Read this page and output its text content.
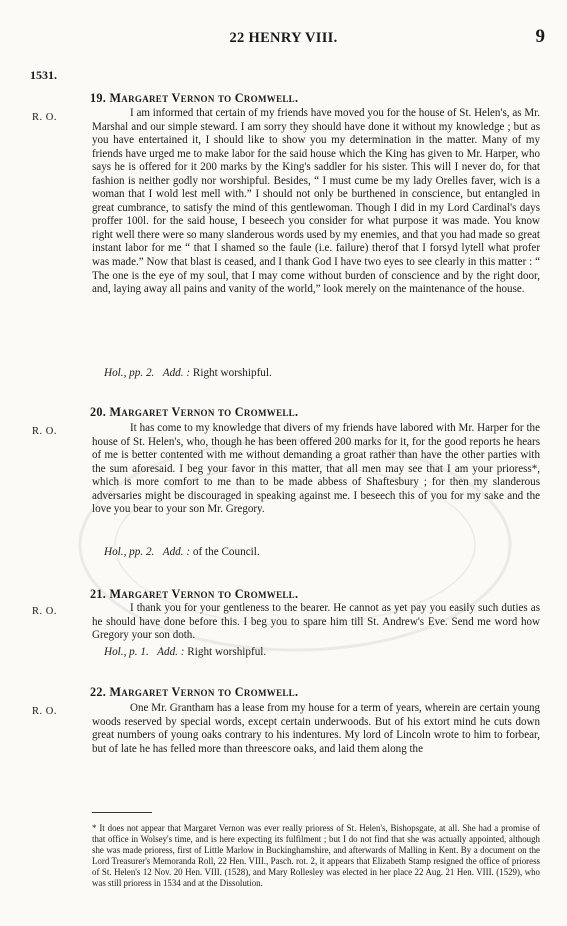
22 HENRY VIII.	9
1531.
R. O.
19. Margaret Vernon to Cromwell.
I am informed that certain of my friends have moved you for the house of St. Helen's, as Mr. Marshal and our simple steward. I am sorry they should have done it without my knowledge ; but as you have entertained it, I should like to show you my determination in the matter. Many of my friends have urged me to make labor for the said house which the King has given to Mr. Harper, who says he is offered for it 200 marks by the King's saddler for his sister. This will I never do, for that fashion is neither godly nor worshipful. Besides, “ I must cume be my lady Orelles faver, wich is a woman that I wold lest mell with.” I should not only be burthened in conscience, but entangled in great cumbrance, to satisfy the mind of this gentlewoman. Though I did in my Lord Cardinal's days proffer 100l. for the said house, I beseech you consider for what purpose it was made. You know right well there were so many slanderous words used by my enemies, and that you had made so great instant labor for me “ that I shamed so the faule (i.e. failure) therof that I forsyd lytell what profer was made.” Now that blast is ceased, and I thank God I have two eyes to see clearly in this matter : “ The one is the eye of my soul, that I may come without burden of conscience and by the right door, and, laying away all pains and vanity of the world,” look merely on the maintenance of the house.
Hol., pp. 2. Add. : Right worshipful.
20. Margaret Vernon to Cromwell.
R. O.	It has come to my knowledge that divers of my friends have labored with Mr. Harper for the house of St. Helen's, who, though he has been offered 200 marks for it, for the good reports he hears of me is better contented with me without demanding a groat rather than have the other parties with the sum aforesaid. I beg your favor in this matter, that all men may see that I am your prioress*, which is more comfort to me than to be made abbess of Shaftesbury ; for then my slanderous adversaries might be discouraged in speaking against me. I beseech this of you for my sake and the love you bear to your son Mr. Gregory.
Hol., pp. 2. Add. : of the Council.
21. Margaret Vernon to Cromwell.
R. O.	I thank you for your gentleness to the bearer. He cannot as yet pay you easily such duties as he should have done before this. I beg you to spare him till St. Andrew's Eve. Send me word how Gregory your son doth.
Hol., p. 1. Add. : Right worshipful.
22. Margaret Vernon to Cromwell.
R. O.	One Mr. Grantham has a lease from my house for a term of years, wherein are certain young woods reserved by special words, except certain underwoods. But of his extort mind he cuts down great numbers of young oaks contrary to his indentures. My lord of Lincoln wrote to him to forbear, but of late he has felled more than threescore oaks, and laid them along the
* It does not appear that Margaret Vernon was ever really prioress of St. Helen's, Bishopsgate, at all. She had a promise of that office in Wolsey's time, and is here expecting its fulfilment ; but I do not find that she was actually appointed, although she was made prioress, first of Little Marlow in Buckinghamshire, and afterwards of Malling in Kent. By a document on the Lord Treasurer's Memoranda Roll, 22 Hen. VIII., Pasch. rot. 2, it appears that Elizabeth Stamp resigned the office of prioress of St. Helen's 12 Nov. 20 Hen. VIII. (1528), and Mary Rollesley was elected in her place 22 Aug. 21 Hen. VIII. (1529), who was still prioress in 1534 and at the Dissolution.
